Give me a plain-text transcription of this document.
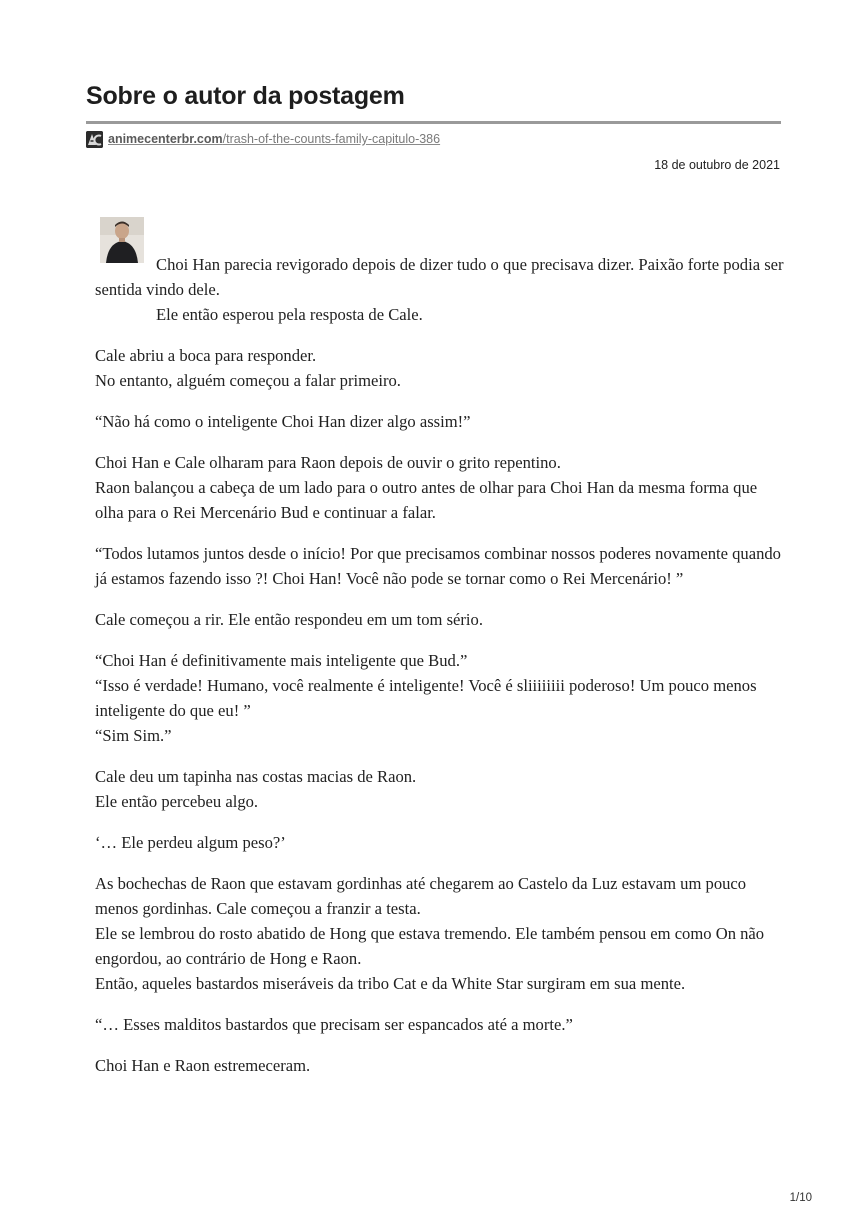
Sobre o autor da postagem
animecenterbr.com/trash-of-the-counts-family-capitulo-386
18 de outubro de 2021

Choi Han parecia revigorado depois de dizer tudo o que precisava dizer. Paixão forte podia ser sentida vindo dele.
Ele então esperou pela resposta de Cale.

Cale abriu a boca para responder.
No entanto, alguém começou a falar primeiro.

“Não há como o inteligente Choi Han dizer algo assim!”

Choi Han e Cale olharam para Raon depois de ouvir o grito repentino.
Raon balançou a cabeça de um lado para o outro antes de olhar para Choi Han da mesma forma que olha para o Rei Mercenário Bud e continuar a falar.

“Todos lutamos juntos desde o início! Por que precisamos combinar nossos poderes novamente quando já estamos fazendo isso ?! Choi Han! Você não pode se tornar como o Rei Mercenário! ”

Cale começou a rir. Ele então respondeu em um tom sério.

“Choi Han é definitivamente mais inteligente que Bud.”
“Isso é verdade! Humano, você realmente é inteligente! Você é sliiiiiiii poderoso! Um pouco menos inteligente do que eu! ”
“Sim Sim.”

Cale deu um tapinha nas costas macias de Raon.
Ele então percebeu algo.

‘… Ele perdeu algum peso?’

As bochechas de Raon que estavam gordinhas até chegarem ao Castelo da Luz estavam um pouco menos gordinhas. Cale começou a franzir a testa.
Ele se lembrou do rosto abatido de Hong que estava tremendo. Ele também pensou em como On não engordou, ao contrário de Hong e Raon.
Então, aqueles bastardos miseráveis da tribo Cat e da White Star surgiram em sua mente.

“… Esses malditos bastardos que precisam ser espancados até a morte.”

Choi Han e Raon estremeceram.

1/10
